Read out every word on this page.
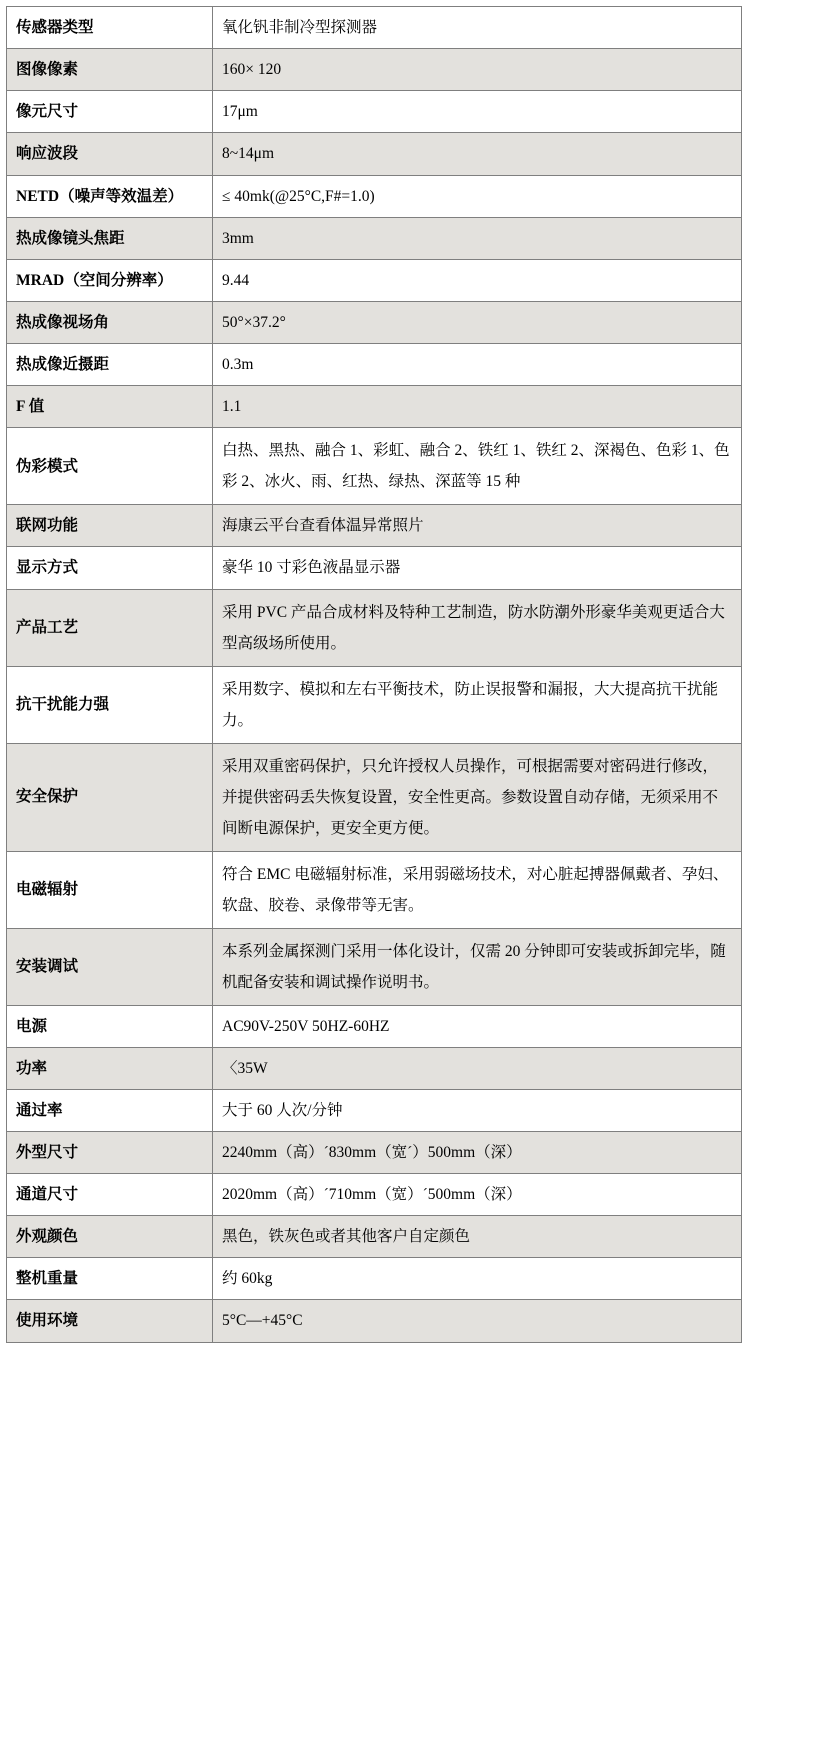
传感器类型	氧化钒非制冷型探测器
图像像素	160× 120
像元尺寸	17μm
响应波段	8~14μm
NETD（噪声等效温差）	≤ 40mk(@25°C,F#=1.0)
热成像镜头焦距	3mm
MRAD（空间分辨率）	9.44
热成像视场角	50°×37.2°
热成像近摄距	0.3m
F 值	1.1
伪彩模式	白热、黑热、融合 1、彩虹、融合 2、铁红 1、铁红 2、深褐色、色彩 1、色彩 2、冰火、雨、红热、绿热、深蓝等 15 种
联网功能	海康云平台查看体温异常照片
显示方式	豪华 10 寸彩色液晶显示器
产品工艺	采用 PVC 产品合成材料及特种工艺制造，防水防潮外形豪华美观更适合大型高级场所使用。
抗干扰能力强	采用数字、模拟和左右平衡技术，防止误报警和漏报，大大提高抗干扰能力。
安全保护	采用双重密码保护，只允许授权人员操作，可根据需要对密码进行修改，并提供密码丢失恢复设置，安全性更高。参数设置自动存储，无须采用不间断电源保护，更安全更方便。
电磁辐射	符合 EMC 电磁辐射标准，采用弱磁场技术，对心脏起搏器佩戴者、孕妇、软盘、胶卷、录像带等无害。
安装调试	本系列金属探测门采用一体化设计，仅需 20 分钟即可安装或拆卸完毕，随机配备安装和调试操作说明书。
电源	AC90V-250V 50HZ-60HZ
功率	〈35W
通过率	大于 60 人次/分钟
外型尺寸	2240mm（高）´830mm（宽´）500mm（深）
通道尺寸	2020mm（高）´710mm（宽）´500mm（深）
外观颜色	黑色，铁灰色或者其他客户自定颜色
整机重量	约 60kg
使用环境	5°C—+45°C
